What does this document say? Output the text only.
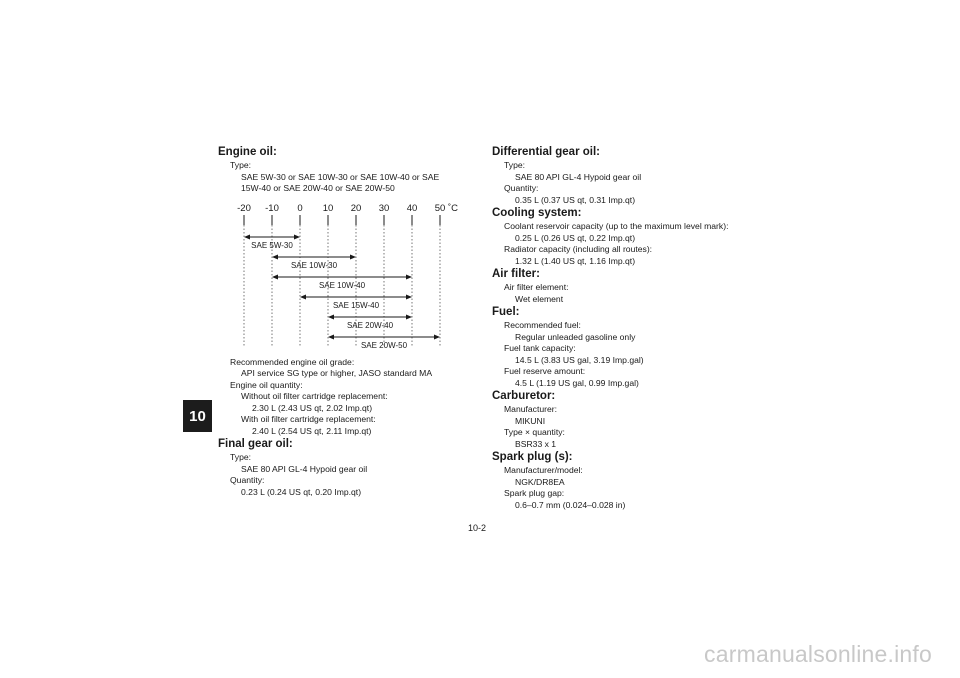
10

Engine oil:

Type:

SAE 5W-30 or SAE 10W-30 or SAE 10W-40 or SAE 15W-40 or SAE 20W-40 or SAE 20W-50

-20 -10 0 10 20 30 40 50 ˚C
SAE 5W-30
SAE 10W-30
SAE 10W-40
SAE 15W-40
SAE 20W-40
SAE 20W-50

Recommended engine oil grade:

API service SG type or higher, JASO standard MA

Engine oil quantity:

Without oil filter cartridge replacement:

2.30 L (2.43 US qt, 2.02 Imp.qt)

With oil filter cartridge replacement:

2.40 L (2.54 US qt, 2.11 Imp.qt)

Final gear oil:

Type:

SAE 80 API GL-4 Hypoid gear oil

Quantity:

0.23 L (0.24 US qt, 0.20 Imp.qt)

Differential gear oil:

Type:

SAE 80 API GL-4 Hypoid gear oil

Quantity:

0.35 L (0.37 US qt, 0.31 Imp.qt)

Cooling system:

Coolant reservoir capacity (up to the maximum level mark):

0.25 L (0.26 US qt, 0.22 Imp.qt)

Radiator capacity (including all routes):

1.32 L (1.40 US qt, 1.16 Imp.qt)

Air filter:

Air filter element:

Wet element

Fuel:

Recommended fuel:

Regular unleaded gasoline only

Fuel tank capacity:

14.5 L (3.83 US gal, 3.19 Imp.gal)

Fuel reserve amount:

4.5 L (1.19 US gal, 0.99 Imp.gal)

Carburetor:

Manufacturer:

MIKUNI

Type × quantity:

BSR33 x 1

Spark plug (s):

Manufacturer/model:

NGK/DR8EA

Spark plug gap:

0.6–0.7 mm (0.024–0.028 in)

10-2
carmanualsonline.info
